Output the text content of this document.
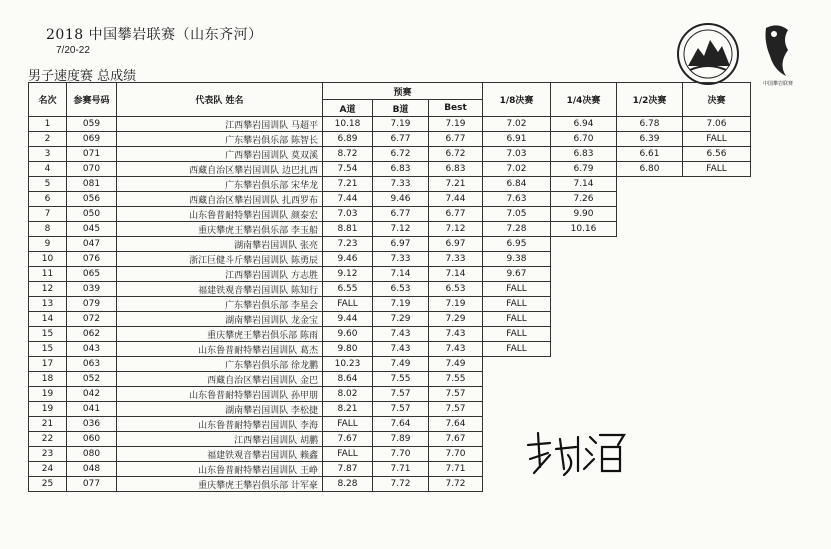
2018 中国攀岩联赛（山东齐河）
7/20-22
男子速度赛 总成绩	中国攀岩联赛
名次	参赛号码	代表队 姓名	预赛			1/8决赛	1/4决赛	1/2决赛	决赛
			A道	B道	Best				
1	059	江西攀岩国训队 马超平	10.18	7.19	7.19	7.02	6.94	6.78	7.06
2	069	广东攀岩俱乐部 陈智长	6.89	6.77	6.77	6.91	6.70	6.39	FALL
3	071	广西攀岩国训队 莫双溪	8.72	6.72	6.72	7.03	6.83	6.61	6.56
4	070	西藏自治区攀岩国训队 边巴扎西	7.54	6.83	6.83	7.02	6.79	6.80	FALL
5	081	广东攀岩俱乐部 宋华龙	7.21	7.33	7.21	6.84	7.14		
6	056	西藏自治区攀岩国训队 扎西罗布	7.44	9.46	7.44	7.63	7.26		
7	050	山东鲁普耐特攀岩国训队 颜泰宏	7.03	6.77	6.77	7.05	9.90		
8	045	重庆攀虎王攀岩俱乐部 李玉船	8.81	7.12	7.12	7.28	10.16		
9	047	湖南攀岩国训队 张亮	7.23	6.97	6.97	6.95			
10	076	浙江巨健斗斤攀岩国训队 陈勇辰	9.46	7.33	7.33	9.38			
11	065	江西攀岩国训队 方志胜	9.12	7.14	7.14	9.67			
12	039	福建铁观音攀岩国训队 陈知行	6.55	6.53	6.53	FALL			
13	079	广东攀岩俱乐部 李星会	FALL	7.19	7.19	FALL			
14	072	湖南攀岩国训队 龙金宝	9.44	7.29	7.29	FALL			
15	062	重庆攀虎王攀岩俱乐部 陈雨	9.60	7.43	7.43	FALL			
15	043	山东鲁普耐特攀岩国训队 葛杰	9.80	7.43	7.43	FALL			
17	063	广东攀岩俱乐部 徐龙鹏	10.23	7.49	7.49				
18	052	西藏自治区攀岩国训队 金巴	8.64	7.55	7.55				
19	042	山东鲁普耐特攀岩国训队 孙甲朋	8.02	7.57	7.57				
19	041	湖南攀岩国训队 李松捷	8.21	7.57	7.57				
21	036	山东鲁普耐特攀岩国训队 李海	FALL	7.64	7.64				
22	060	江西攀岩国训队 胡鹏	7.67	7.89	7.67				
23	080	福建铁观音攀岩国训队 赖鑫	FALL	7.70	7.70				
24	048	山东鲁普耐特攀岩国训队 王峥	7.87	7.71	7.71				
25	077	重庆攀虎王攀岩俱乐部 计军豪	8.28	7.72	7.72				
